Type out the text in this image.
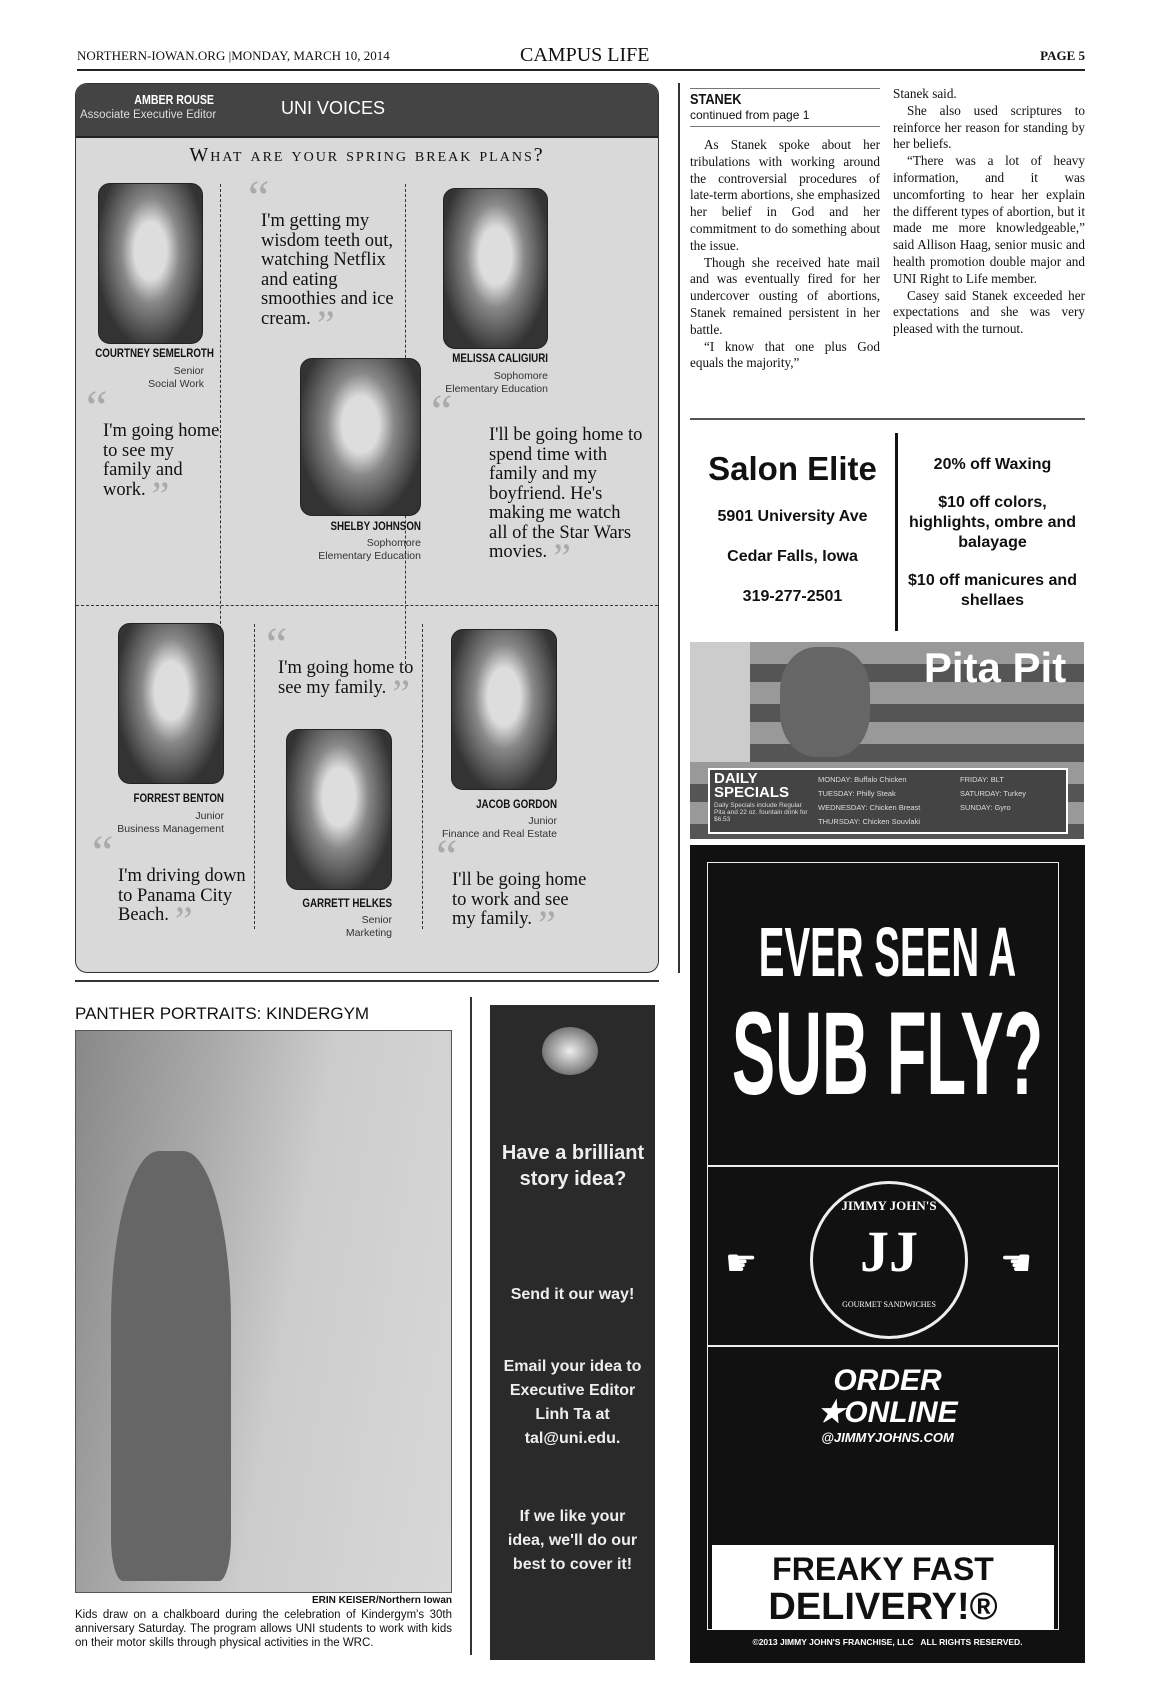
NORTHERN-IOWAN.ORG |MONDAY, MARCH 10, 2014	CAMPUS LIFE	PAGE 5
AMBER ROUSE
Associate Executive Editor	UNI VOICES
What are your spring break plans?
COURTNEY SEMELROTH
Senior
Social Work
“
I'm going home to see my family and work. ”
“
I'm getting my wisdom teeth out, watching Netflix and eating smoothies and ice cream. ”
SHELBY JOHNSON
Sophomore
Elementary Education
MELISSA CALIGIURI
Sophomore
Elementary Education
“	I'll be going home to spend time with family and my boyfriend. He's making me watch all of the Star Wars movies. ”
FORREST BENTON
Junior
Business Management
“ I'm driving down to Panama City Beach. ”
“
I'm going home to see my family. ”
GARRETT HELKES
Senior
Marketing
JACOB GORDON
Junior
Finance and Real Estate
“
I'll be going home to work and see my family. ”
STANEK
continued from page 1

As Stanek spoke about her tribulations with working around the controversial procedures of late-term abortions, she emphasized her belief in God and her commitment to do something about the issue.

Though she received hate mail and was eventually fired for her undercover ousting of abortions, Stanek remained persistent in her battle.

“I know that one plus God equals the majority,”

Stanek said.

She also used scriptures to reinforce her reason for standing by her beliefs.

“There was a lot of heavy information, and it was uncomforting to hear her explain the different types of abortion, but it made me more knowledgeable,” said Allison Haag, senior music and health promotion double major and UNI Right to Life member.

Casey said Stanek exceeded her expectations and she was very pleased with the turnout.

Salon Elite
5901 University Ave
Cedar Falls, Iowa
319-277-2501
20% off Waxing
$10 off colors, highlights, ombre and balayage
$10 off manicures and shellaes
Pita Pit
DAILY SPECIALS
Daily Specials include Regular Pita and 22 oz. fountain drink for $6.53
MONDAY: Buffalo Chicken
TUESDAY: Philly Steak
WEDNESDAY: Chicken Breast
THURSDAY: Chicken Souvlaki
FRIDAY: BLT
SATURDAY: Turkey
SUNDAY: Gyro
EVER SEEN A
SUB FLY?
JIMMY JOHN'S
JJ
GOURMET SANDWICHES
☛	☚
ORDER
★ONLINE
@JIMMYJOHNS.COM
FREAKY FAST
DELIVERY!®
©2013 JIMMY JOHN'S FRANCHISE, LLC   ALL RIGHTS RESERVED.
PANTHER PORTRAITS: KINDERGYM
ERIN KEISER/Northern Iowan
Kids draw on a chalkboard during the celebration of Kindergym's 30th anniversary Saturday. The program allows UNI students to work with kids on their motor skills through physical activities in the WRC.
Have a brilliant story idea?
Send it our way!
Email your idea to Executive Editor Linh Ta at tal@uni.edu.
If we like your idea, we'll do our best to cover it!
